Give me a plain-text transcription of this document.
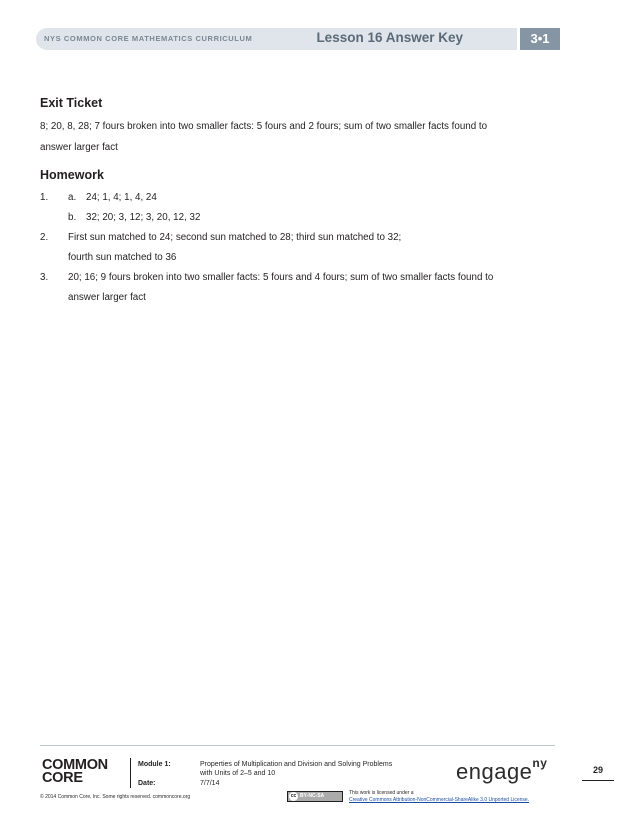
NYS COMMON CORE MATHEMATICS CURRICULUM	Lesson 16 Answer Key	3•1

Exit Ticket

8; 20, 8, 28; 7 fours broken into two smaller facts: 5 fours and 2 fours; sum of two smaller facts found to

answer larger fact

Homework

1. a. 24; 1, 4; 1, 4, 24
b. 32; 20; 3, 12; 3, 20, 12, 32
2. First sun matched to 24; second sun matched to 28; third sun matched to 32;
fourth sun matched to 36
3. 20; 16; 9 fours broken into two smaller facts: 5 fours and 4 fours; sum of two smaller facts found to
answer larger fact
COMMON
CORE
Module 1:	Properties of Multiplication and Division and Solving Problems
with Units of 2–5 and 10
Date:	7/7/14	engage$^{ny}$
29
© 2014 Common Core, Inc. Some rights reserved. commoncore.org	cc BY-NC-SA	This work is licensed under a
Creative Commons Attribution-NonCommercial-ShareAlike 3.0 Unported License.
